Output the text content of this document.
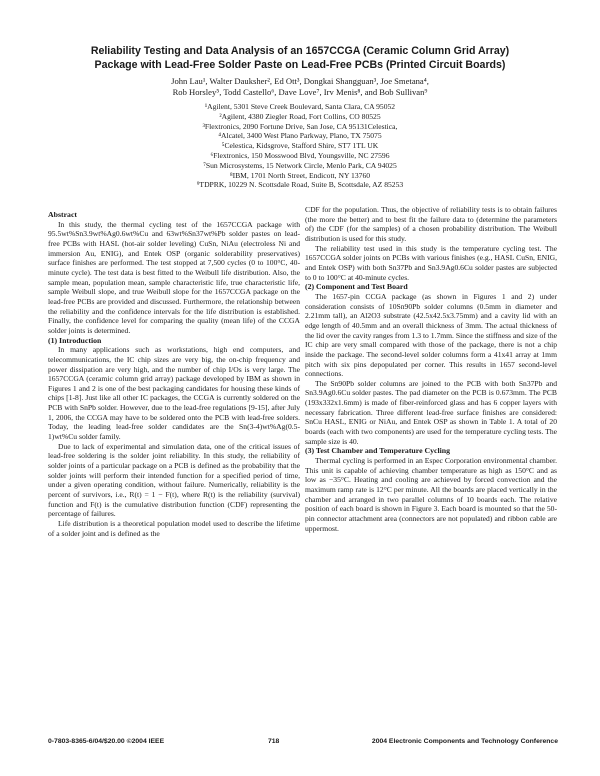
Reliability Testing and Data Analysis of an 1657CCGA (Ceramic Column Grid Array)
Package with Lead-Free Solder Paste on Lead-Free PCBs (Printed Circuit Boards)
John Lau¹, Walter Dauksher², Ed Ott³, Dongkai Shangguan³, Joe Smetana⁴,
Rob Horsley⁵, Todd Castello⁶, Dave Love⁷, Irv Menis⁸, and Bob Sullivan⁹
¹Agilent, 5301 Steve Creek Boulevard, Santa Clara, CA 95052
²Agilent, 4380 Ziegler Road, Fort Collins, CO 80525
³Flextronics, 2090 Fortune Drive, San Jose, CA 95131Celestica,
⁴Alcatel, 3400 West Plano Parkway, Plano, TX 75075
⁵Celestica, Kidsgrove, Stafford Shire, ST7 1TL UK
⁶Flextronics, 150 Mosswood Blvd, Youngsville, NC 27596
⁷Sun Microsystems, 15 Network Circle, Menlo Park, CA 94025
⁸IBM, 1701 North Street, Endicott, NY 13760
⁹TDPRK, 10229 N. Scottsdale Road, Suite B, Scottsdale, AZ 85253

Abstract

In this study, the thermal cycling test of the 1657CCGA package with 95.5wt%Sn3.9wt%Ag0.6wt%Cu and 63wt%Sn37wt%Pb solder pastes on lead-free PCBs with HASL (hot-air solder leveling) CuSn, NiAu (electroless Ni and immersion Au, ENIG), and Entek OSP (organic solderability preservatives) surface finishes are performed. The test stopped at 7,500 cycles (0 to 100°C, 40-minute cycle). The test data is best fitted to the Weibull life distribution. Also, the sample mean, population mean, sample characteristic life, true characteristic life, sample Weibull slope, and true Weibull slope for the 1657CCGA package on the lead-free PCBs are provided and discussed. Furthermore, the relationship between the reliability and the confidence intervals for the life distribution is established. Finally, the confidence level for comparing the quality (mean life) of the CCGA solder joints is determined.

(1) Introduction

In many applications such as workstations, high end computers, and telecommunications, the IC chip sizes are very big, the on-chip frequency and power dissipation are very high, and the number of chip I/Os is very large. The 1657CCGA (ceramic column grid array) package developed by IBM as shown in Figures 1 and 2 is one of the best packaging candidates for housing these kinds of chips [1-8]. Just like all other IC packages, the CCGA is currently soldered on the PCB with SnPb solder. However, due to the lead-free regulations [9-15], after July 1, 2006, the CCGA may have to be soldered onto the PCB with lead-free solders. Today, the leading lead-free solder candidates are the Sn(3-4)wt%Ag(0.5-1)wt%Cu solder family.

Due to lack of experimental and simulation data, one of the critical issues of lead-free soldering is the solder joint reliability. In this study, the reliability of solder joints of a particular package on a PCB is defined as the probability that the solder joints will perform their intended function for a specified period of time, under a given operating condition, without failure. Numerically, reliability is the percent of survivors, i.e., R(t) = 1 − F(t), where R(t) is the reliability (survival) function and F(t) is the cumulative distribution function (CDF) representing the percentage of failures.

Life distribution is a theoretical population model used to describe the lifetime of a solder joint and is defined as the

CDF for the population. Thus, the objective of reliability tests is to obtain failures (the more the better) and to best fit the failure data to (determine the parameters of) the CDF (for the samples) of a chosen probability distribution. The Weibull distribution is used for this study.

The reliability test used in this study is the temperature cycling test. The 1657CCGA solder joints on PCBs with various finishes (e.g., HASL CuSn, ENIG, and Entek OSP) with both Sn37Pb and Sn3.9Ag0.6Cu solder pastes are subjected to 0 to 100°C at 40-minute cycles.

(2) Component and Test Board

The 1657-pin CCGA package (as shown in Figures 1 and 2) under consideration consists of 10Sn90Pb solder columns (0.5mm in diameter and 2.21mm tall), an Al2O3 substrate (42.5x42.5x3.75mm) and a cavity lid with an edge length of 40.5mm and an overall thickness of 3mm. The actual thickness of the lid over the cavity ranges from 1.3 to 1.7mm. Since the stiffness and size of the IC chip are very small compared with those of the package, there is not a chip inside the package. The second-level solder columns form a 41x41 array at 1mm pitch with six pins depopulated per corner. This results in 1657 second-level connections.

The Sn90Pb solder columns are joined to the PCB with both Sn37Pb and Sn3.9Ag0.6Cu solder pastes. The pad diameter on the PCB is 0.673mm. The PCB (193x332x1.6mm) is made of fiber-reinforced glass and has 6 copper layers with necessary fabrication. Three different lead-free surface finishes are considered: SnCu HASL, ENIG or NiAu, and Entek OSP as shown in Table 1. A total of 20 boards (each with two components) are used for the temperature cycling tests. The sample size is 40.

(3) Test Chamber and Temperature Cycling

Thermal cycling is performed in an Espec Corporation environmental chamber. This unit is capable of achieving chamber temperature as high as 150°C and as low as −35°C. Heating and cooling are achieved by forced convection and the maximum ramp rate is 12°C per minute. All the boards are placed vertically in the chamber and arranged in two parallel columns of 10 boards each. The relative position of each board is shown in Figure 3. Each board is mounted so that the 50-pin connector attachment area (connectors are not populated) and ribbon cable are uppermost.

0-7803-8365-6/04/$20.00 ©2004 IEEE	718	2004 Electronic Components and Technology Conference
